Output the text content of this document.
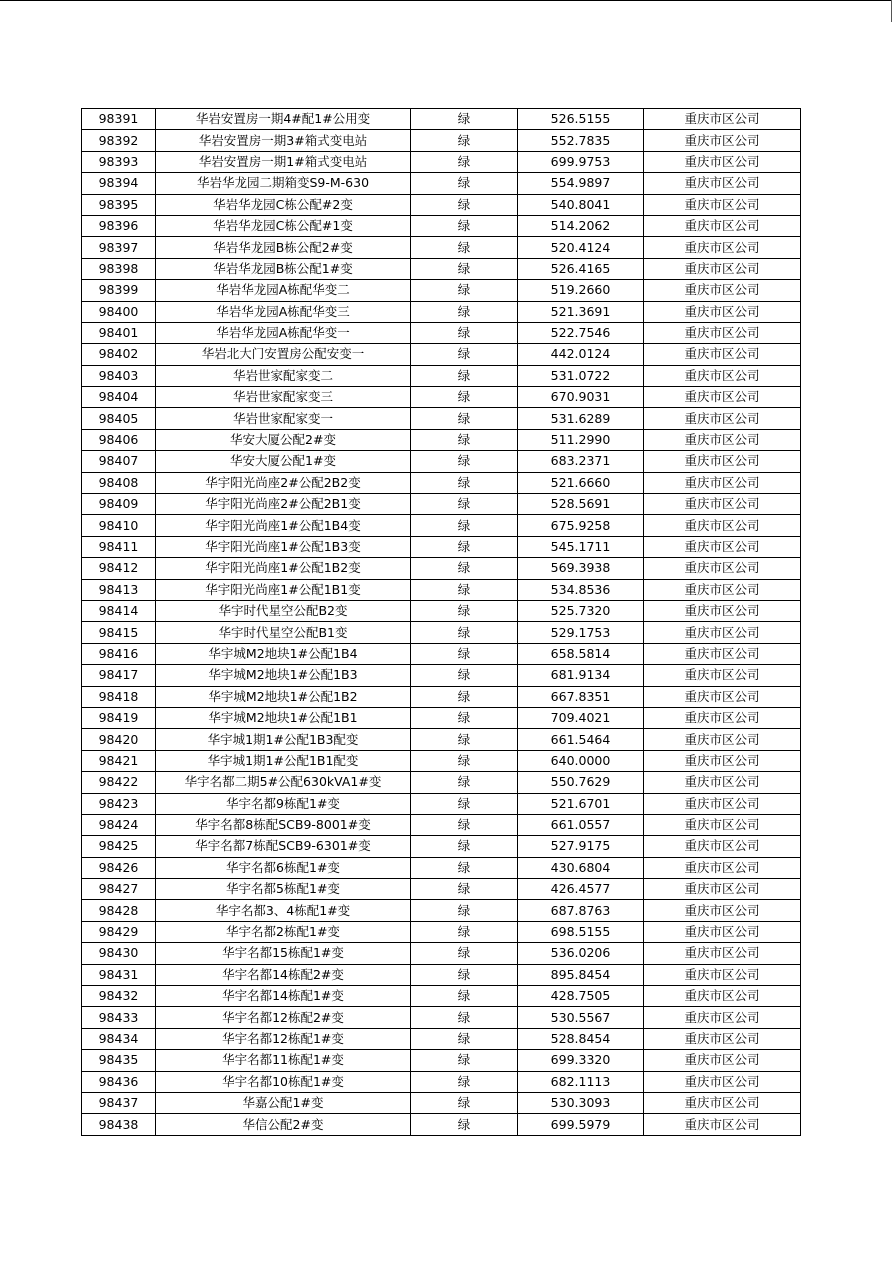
98391	华岩安置房一期4#配1#公用变	绿	526.5155	重庆市区公司
98392	华岩安置房一期3#箱式变电站	绿	552.7835	重庆市区公司
98393	华岩安置房一期1#箱式变电站	绿	699.9753	重庆市区公司
98394	华岩华龙园二期箱变S9-M-630	绿	554.9897	重庆市区公司
98395	华岩华龙园C栋公配#2变	绿	540.8041	重庆市区公司
98396	华岩华龙园C栋公配#1变	绿	514.2062	重庆市区公司
98397	华岩华龙园B栋公配2#变	绿	520.4124	重庆市区公司
98398	华岩华龙园B栋公配1#变	绿	526.4165	重庆市区公司
98399	华岩华龙园A栋配华变二	绿	519.2660	重庆市区公司
98400	华岩华龙园A栋配华变三	绿	521.3691	重庆市区公司
98401	华岩华龙园A栋配华变一	绿	522.7546	重庆市区公司
98402	华岩北大门安置房公配安变一	绿	442.0124	重庆市区公司
98403	华岩世家配家变二	绿	531.0722	重庆市区公司
98404	华岩世家配家变三	绿	670.9031	重庆市区公司
98405	华岩世家配家变一	绿	531.6289	重庆市区公司
98406	华安大厦公配2#变	绿	511.2990	重庆市区公司
98407	华安大厦公配1#变	绿	683.2371	重庆市区公司
98408	华宇阳光尚座2#公配2B2变	绿	521.6660	重庆市区公司
98409	华宇阳光尚座2#公配2B1变	绿	528.5691	重庆市区公司
98410	华宇阳光尚座1#公配1B4变	绿	675.9258	重庆市区公司
98411	华宇阳光尚座1#公配1B3变	绿	545.1711	重庆市区公司
98412	华宇阳光尚座1#公配1B2变	绿	569.3938	重庆市区公司
98413	华宇阳光尚座1#公配1B1变	绿	534.8536	重庆市区公司
98414	华宇时代星空公配B2变	绿	525.7320	重庆市区公司
98415	华宇时代星空公配B1变	绿	529.1753	重庆市区公司
98416	华宇城M2地块1#公配1B4	绿	658.5814	重庆市区公司
98417	华宇城M2地块1#公配1B3	绿	681.9134	重庆市区公司
98418	华宇城M2地块1#公配1B2	绿	667.8351	重庆市区公司
98419	华宇城M2地块1#公配1B1	绿	709.4021	重庆市区公司
98420	华宇城1期1#公配1B3配变	绿	661.5464	重庆市区公司
98421	华宇城1期1#公配1B1配变	绿	640.0000	重庆市区公司
98422	华宇名都二期5#公配630kVA1#变	绿	550.7629	重庆市区公司
98423	华宇名都9栋配1#变	绿	521.6701	重庆市区公司
98424	华宇名都8栋配SCB9-8001#变	绿	661.0557	重庆市区公司
98425	华宇名都7栋配SCB9-6301#变	绿	527.9175	重庆市区公司
98426	华宇名都6栋配1#变	绿	430.6804	重庆市区公司
98427	华宇名都5栋配1#变	绿	426.4577	重庆市区公司
98428	华宇名都3、4栋配1#变	绿	687.8763	重庆市区公司
98429	华宇名都2栋配1#变	绿	698.5155	重庆市区公司
98430	华宇名都15栋配1#变	绿	536.0206	重庆市区公司
98431	华宇名都14栋配2#变	绿	895.8454	重庆市区公司
98432	华宇名都14栋配1#变	绿	428.7505	重庆市区公司
98433	华宇名都12栋配2#变	绿	530.5567	重庆市区公司
98434	华宇名都12栋配1#变	绿	528.8454	重庆市区公司
98435	华宇名都11栋配1#变	绿	699.3320	重庆市区公司
98436	华宇名都10栋配1#变	绿	682.1113	重庆市区公司
98437	华嘉公配1#变	绿	530.3093	重庆市区公司
98438	华信公配2#变	绿	699.5979	重庆市区公司
